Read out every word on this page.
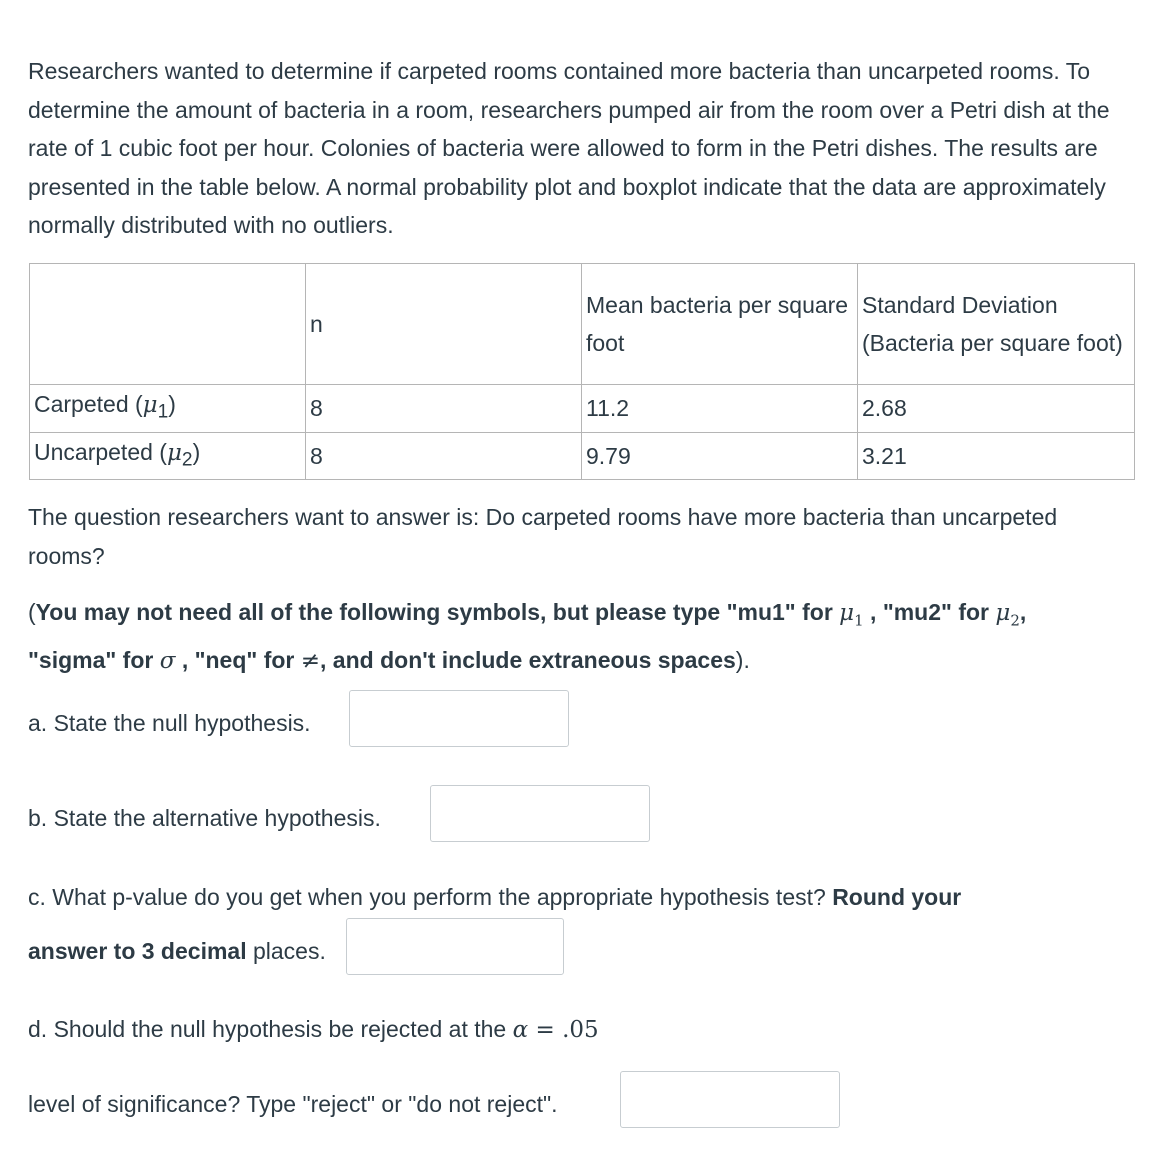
Researchers wanted to determine if carpeted rooms contained more bacteria than uncarpeted rooms. To determine the amount of bacteria in a room, researchers pumped air from the room over a Petri dish at the rate of 1 cubic foot per hour. Colonies of bacteria were allowed to form in the Petri dishes. The results are presented in the table below. A normal probability plot and boxplot indicate that the data are approximately normally distributed with no outliers.

	n	Mean bacteria per square foot	Standard Deviation (Bacteria per square foot)
Carpeted $(\mu_1)$	8	11.2	2.68
Uncarpeted $(\mu_2)$	8	9.79	3.21

The question researchers want to answer is: Do carpeted rooms have more bacteria than uncarpeted rooms?

(You may not need all of the following symbols, but please type "mu1" for $\mu_1$ , "mu2" for $\mu_2$,
"sigma" for σ , "neq" for ≠, and don't include extraneous spaces).

a. State the null hypothesis.

b. State the alternative hypothesis.

c. What p-value do you get when you perform the appropriate hypothesis test? Round your

answer to 3 decimal places.

d. Should the null hypothesis be rejected at the α = .05

level of significance? Type "reject" or "do not reject".
